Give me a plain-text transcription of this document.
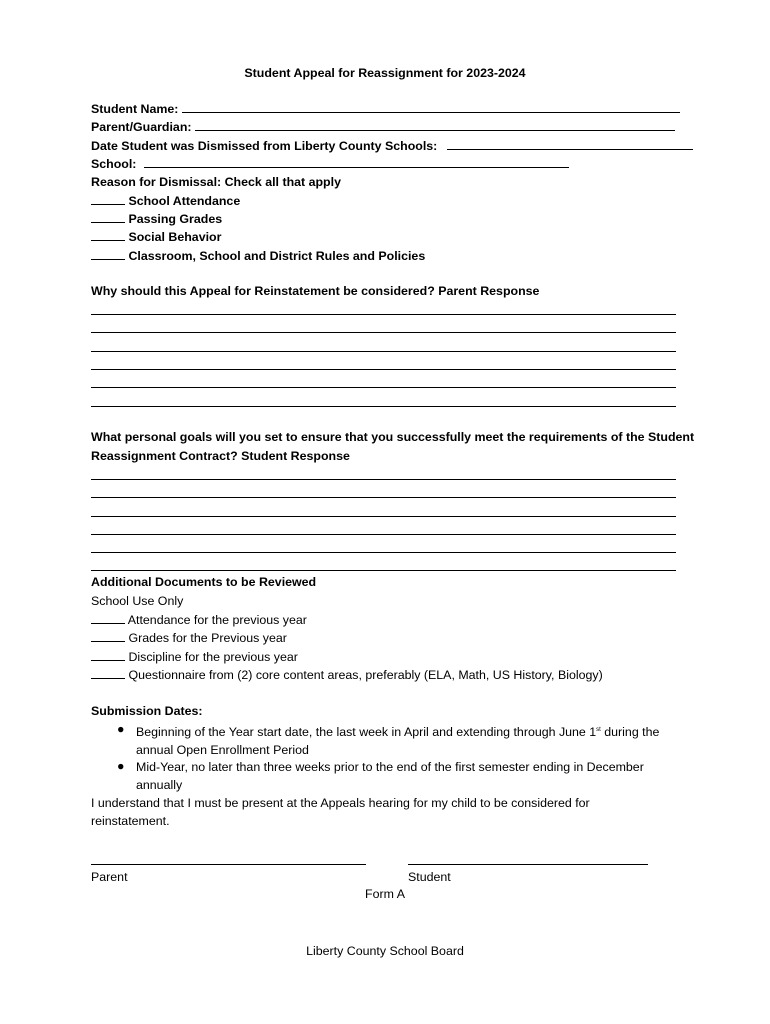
Student Appeal for Reassignment for 2023-2024
Student Name:
Parent/Guardian:
Date Student was Dismissed from Liberty County Schools:
School:
Reason for Dismissal: Check all that apply
School Attendance
Passing Grades
Social Behavior
Classroom, School and District Rules and Policies
Why should this Appeal for Reinstatement be considered? Parent Response
What personal goals will you set to ensure that you successfully meet the requirements of the Student
Reassignment Contract? Student Response
Additional Documents to be Reviewed
School Use Only
Attendance for the previous year
Grades for the Previous year
Discipline for the previous year
Questionnaire from (2) core content areas, preferably (ELA, Math, US History, Biology)
Submission Dates:
● Beginning of the Year start date, the last week in April and extending through June 1st during the annual Open Enrollment Period
● Mid-Year, no later than three weeks prior to the end of the first semester ending in December annually
I understand that I must be present at the Appeals hearing for my child to be considered for reinstatement.
Parent	Student
Form A
Liberty County School Board
